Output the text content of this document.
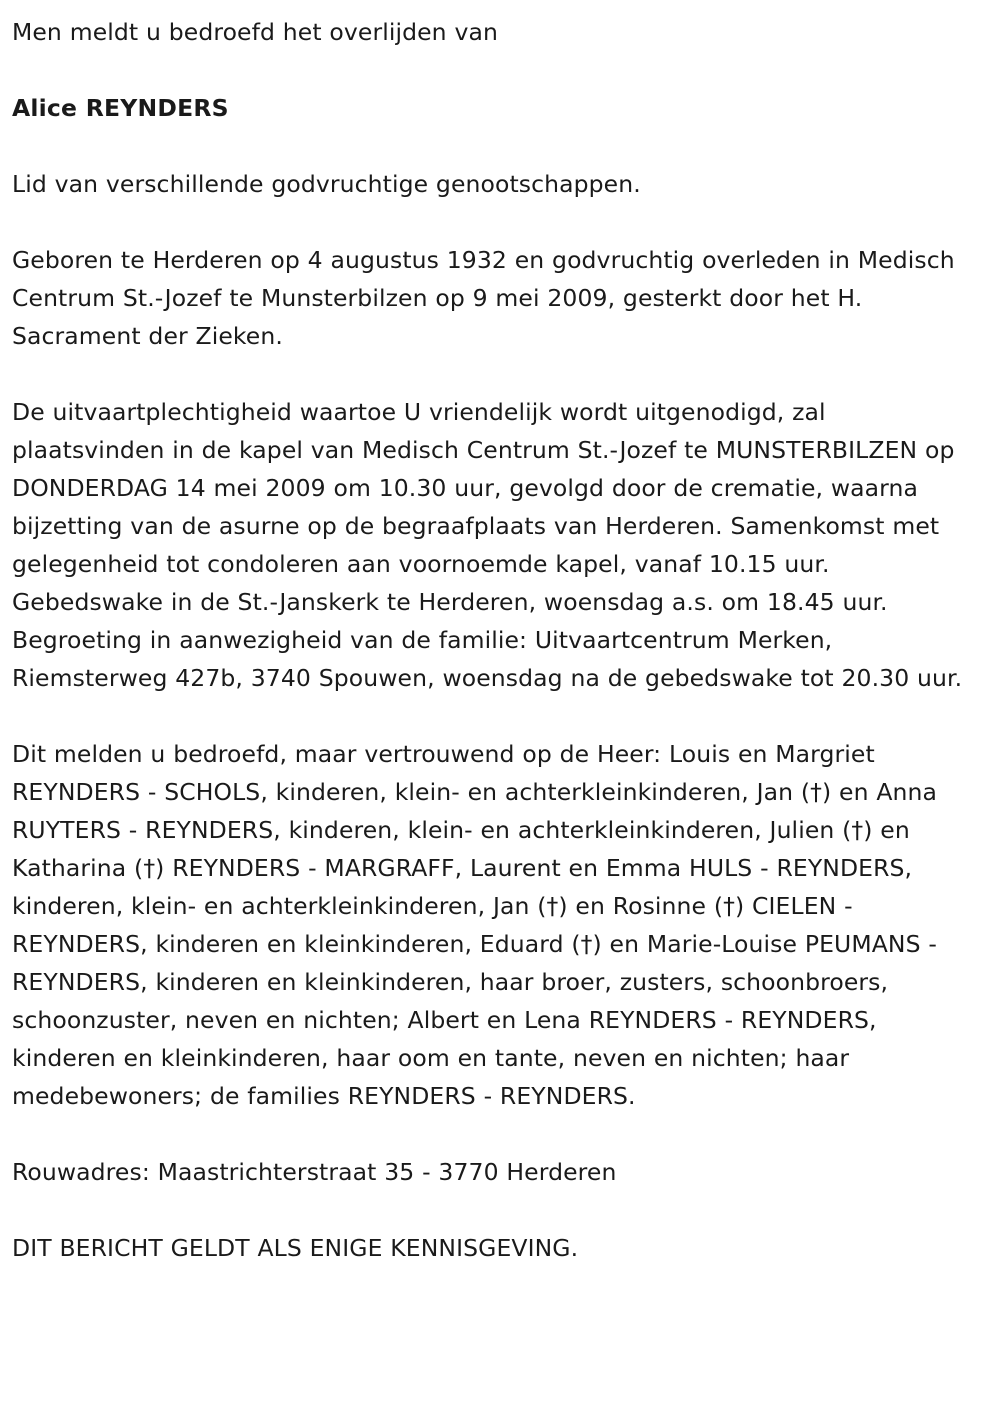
Men meldt u bedroefd het overlijden van

Alice REYNDERS

Lid van verschillende godvruchtige genootschappen.

Geboren te Herderen op 4 augustus 1932 en godvruchtig overleden in Medisch Centrum St.-Jozef te Munsterbilzen op 9 mei 2009, gesterkt door het H. Sacrament der Zieken.

De uitvaartplechtigheid waartoe U vriendelijk wordt uitgenodigd, zal plaatsvinden in de kapel van Medisch Centrum St.-Jozef te MUNSTERBILZEN op DONDERDAG 14 mei 2009 om 10.30 uur, gevolgd door de crematie, waarna bijzetting van de asurne op de begraafplaats van Herderen. Samenkomst met gelegenheid tot condoleren aan voornoemde kapel, vanaf 10.15 uur. Gebedswake in de St.-Janskerk te Herderen, woensdag a.s. om 18.45 uur. Begroeting in aanwezigheid van de familie: Uitvaartcentrum Merken, Riemsterweg 427b, 3740 Spouwen, woensdag na de gebedswake tot 20.30 uur.

Dit melden u bedroefd, maar vertrouwend op de Heer: Louis en Margriet REYNDERS - SCHOLS, kinderen, klein- en achterkleinkinderen, Jan (†) en Anna RUYTERS - REYNDERS, kinderen, klein- en achterkleinkinderen, Julien (†) en Katharina (†) REYNDERS - MARGRAFF, Laurent en Emma HULS - REYNDERS, kinderen, klein- en achterkleinkinderen, Jan (†) en Rosinne (†) CIELEN - REYNDERS, kinderen en kleinkinderen, Eduard (†) en Marie-Louise PEUMANS - REYNDERS, kinderen en kleinkinderen, haar broer, zusters, schoonbroers, schoonzuster, neven en nichten; Albert en Lena REYNDERS - REYNDERS, kinderen en kleinkinderen, haar oom en tante, neven en nichten; haar medebewoners; de families REYNDERS - REYNDERS.

Rouwadres: Maastrichterstraat 35 - 3770 Herderen

DIT BERICHT GELDT ALS ENIGE KENNISGEVING.
